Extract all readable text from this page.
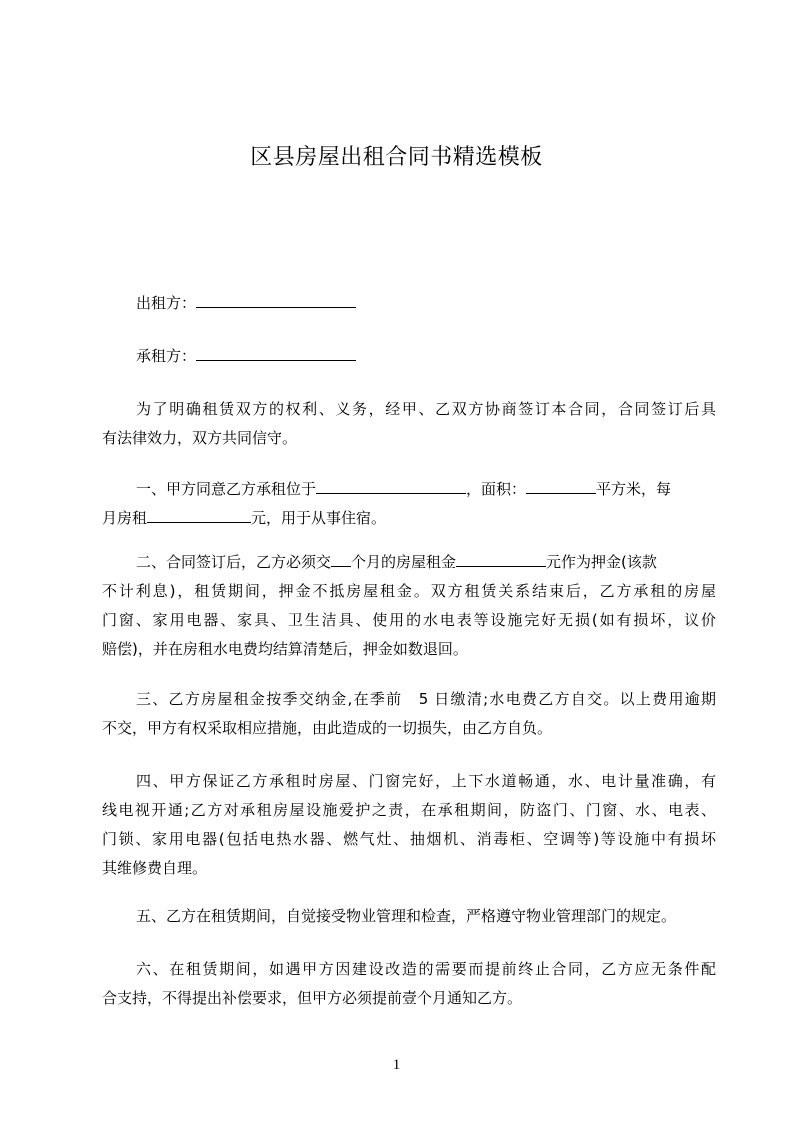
区县房屋出租合同书精选模板
出租方：
承租方：
为了明确租赁双方的权利、义务，经甲、乙双方协商签订本合同，合同签订后具
有法律效力，双方共同信守。
一、甲方同意乙方承租位于	，面积：	平方米，每
月房租	元，用于从事住宿。
二、合同签订后，乙方必须交 个月的房屋租金	元作为押金(该款
不计利息)，租赁期间，押金不抵房屋租金。双方租赁关系结束后，乙方承租的房屋
门窗、家用电器、家具、卫生洁具、使用的水电表等设施完好无损(如有损坏，议价
赔偿)，并在房租水电费均结算清楚后，押金如数退回。
三、乙方房屋租金按季交纳金,在季前　5 日缴清;水电费乙方自交。以上费用逾期
不交，甲方有权采取相应措施，由此造成的一切损失，由乙方自负。
四、甲方保证乙方承租时房屋、门窗完好，上下水道畅通，水、电计量准确，有
线电视开通;乙方对承租房屋设施爱护之责，在承租期间，防盗门、门窗、水、电表、
门锁、家用电器(包括电热水器、燃气灶、抽烟机、消毒柜、空调等)等设施中有损坏
其维修费自理。
五、乙方在租赁期间，自觉接受物业管理和检查，严格遵守物业管理部门的规定。
六、在租赁期间，如遇甲方因建设改造的需要而提前终止合同，乙方应无条件配
合支持，不得提出补偿要求，但甲方必须提前壹个月通知乙方。
1
